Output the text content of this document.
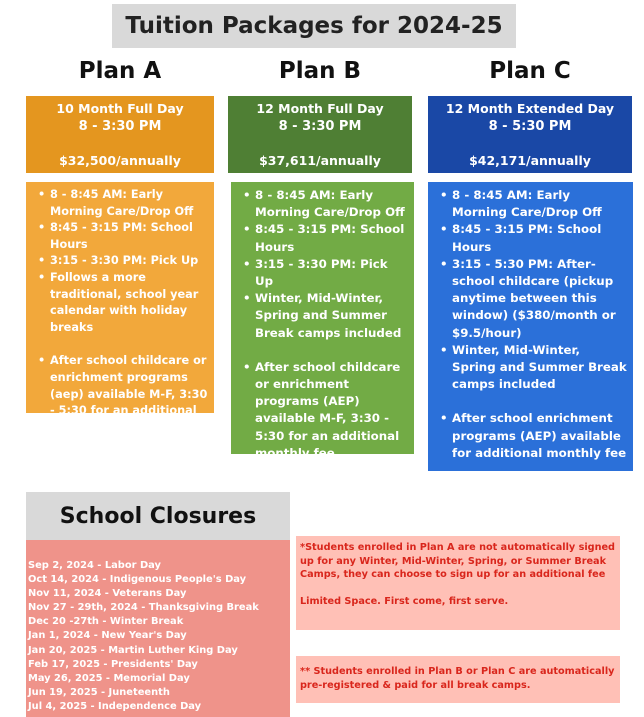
Tuition Packages for 2024-25
Plan A	Plan B	Plan C
10 Month Full Day
8 - 3:30 PM
$32,500/annually
• 8 - 8:45 AM: Early Morning Care/Drop Off
• 8:45 - 3:15 PM: School Hours
• 3:15 - 3:30 PM: Pick Up
• Follows a more traditional, school year calendar with holiday breaks
• After school childcare or enrichment programs (aep) available M-F, 3:30 - 5:30 for an additional monthly fee
12 Month Full Day
8 - 3:30 PM
$37,611/annually
• 8 - 8:45 AM: Early Morning Care/Drop Off
• 8:45 - 3:15 PM: School Hours
• 3:15 - 3:30 PM: Pick Up
• Winter, Mid-Winter, Spring and Summer Break camps included
• After school childcare or enrichment programs (AEP) available M-F, 3:30 - 5:30 for an additional monthly fee
12 Month Extended Day
8 - 5:30 PM
$42,171/annually
• 8 - 8:45 AM: Early Morning Care/Drop Off
• 8:45 - 3:15 PM: School Hours
• 3:15 - 5:30 PM: After-school childcare (pickup anytime between this window) ($380/month or $9.5/hour)
• Winter, Mid-Winter, Spring and Summer Break camps included
• After school enrichment programs (AEP) available for additional monthly fee
School Closures
Sep 2, 2024 - Labor Day
Oct 14, 2024 - Indigenous People's Day
Nov 11, 2024 - Veterans Day
Nov 27 - 29th, 2024 - Thanksgiving Break
Dec 20 -27th - Winter Break
Jan 1, 2024 - New Year's Day
Jan 20, 2025 - Martin Luther King Day
Feb 17, 2025 - Presidents' Day
May 26, 2025 - Memorial Day
Jun 19, 2025 - Juneteenth
Jul 4, 2025 - Independence Day
*Students enrolled in Plan A are not automatically signed up for any Winter, Mid-Winter, Spring, or Summer Break Camps, they can choose to sign up for an additional fee
Limited Space. First come, first serve.
** Students enrolled in Plan B or Plan C are automatically pre-registered & paid for all break camps.
